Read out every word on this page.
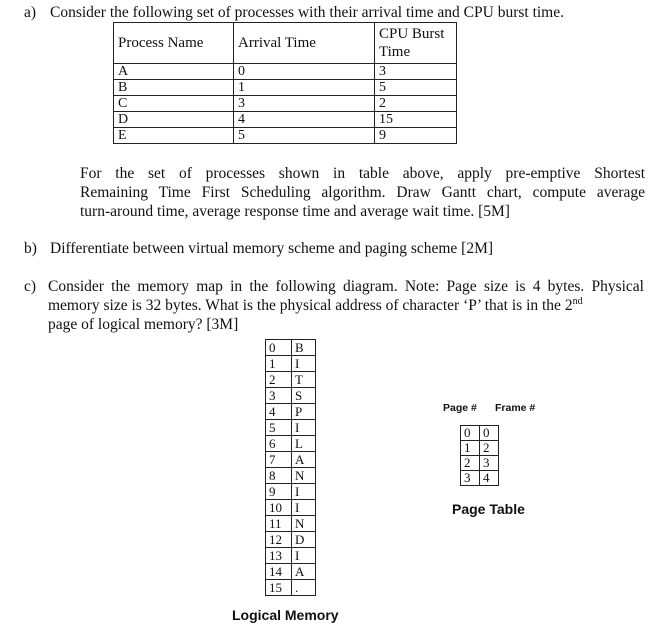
a) Consider the following set of processes with their arrival time and CPU burst time.
Process Name	Arrival Time	CPU Burst Time
A	0	3
B	1	5
C	3	2
D	4	15
E	5	9
For the set of processes shown in table above, apply pre-emptive Shortest
Remaining Time First Scheduling algorithm. Draw Gantt chart, compute average
turn-around time, average response time and average wait time. [5M]
b) Differentiate between virtual memory scheme and paging scheme [2M]
c) Consider the memory map in the following diagram. Note: Page size is 4 bytes. Physical
memory size is 32 bytes. What is the physical address of character ‘P’ that is in the 2nd
page of logical memory? [3M]
0	B
1	I
2	T
3	S
4	P
5	I
6	L
7	A
8	N
9	I
10	I
11	N
12	D
13	I
14	A
15	.
Logical Memory
Page # Frame #
0	0
1	2
2	3
3	4
Page Table
